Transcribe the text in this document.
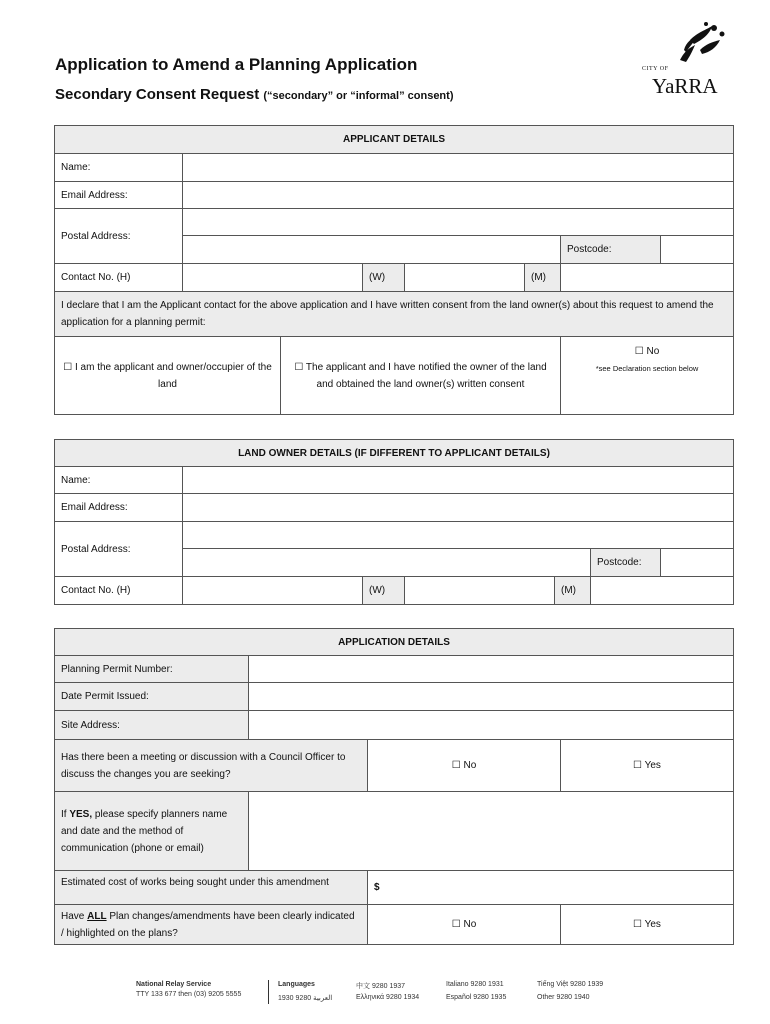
Application to Amend a Planning Application
Secondary Consent Request (“secondary” or “informal” consent)
CITY OF
YaRRA
APPLICANT DETAILS
Name:
Email Address:
Postal Address:
Postcode:
Contact No. (H)	(W)	(M)
I declare that I am the Applicant contact for the above application and I have written consent from the land owner(s) about this request to amend the application for a planning permit:
☐ I am the applicant and owner/occupier of the land
☐ The applicant and I have notified the owner of the land and obtained the land owner(s) written consent
☐ No
*see Declaration section below
LAND OWNER DETAILS (IF DIFFERENT TO APPLICANT DETAILS)
Name:
Email Address:
Postal Address:
Postcode:
Contact No. (H)	(W)	(M)
APPLICATION DETAILS
Planning Permit Number:
Date Permit Issued:
Site Address:
Has there been a meeting or discussion with a Council Officer to discuss the changes you are seeking?
☐ No	☐ Yes
If YES, please specify planners name and date and the method of communication (phone or email)
Estimated cost of works being sought under this amendment	$
Have ALL Plan changes/amendments have been clearly indicated / highlighted on the plans?
☐ No	☐ Yes
National Relay Service
TTY 133 677 then (03) 9205 5555
Languages
العربية 9280 1930
中文 9280 1937
Ελληνικά 9280 1934
Italiano 9280 1931
Español 9280 1935
Tiếng Việt 9280 1939
Other 9280 1940
